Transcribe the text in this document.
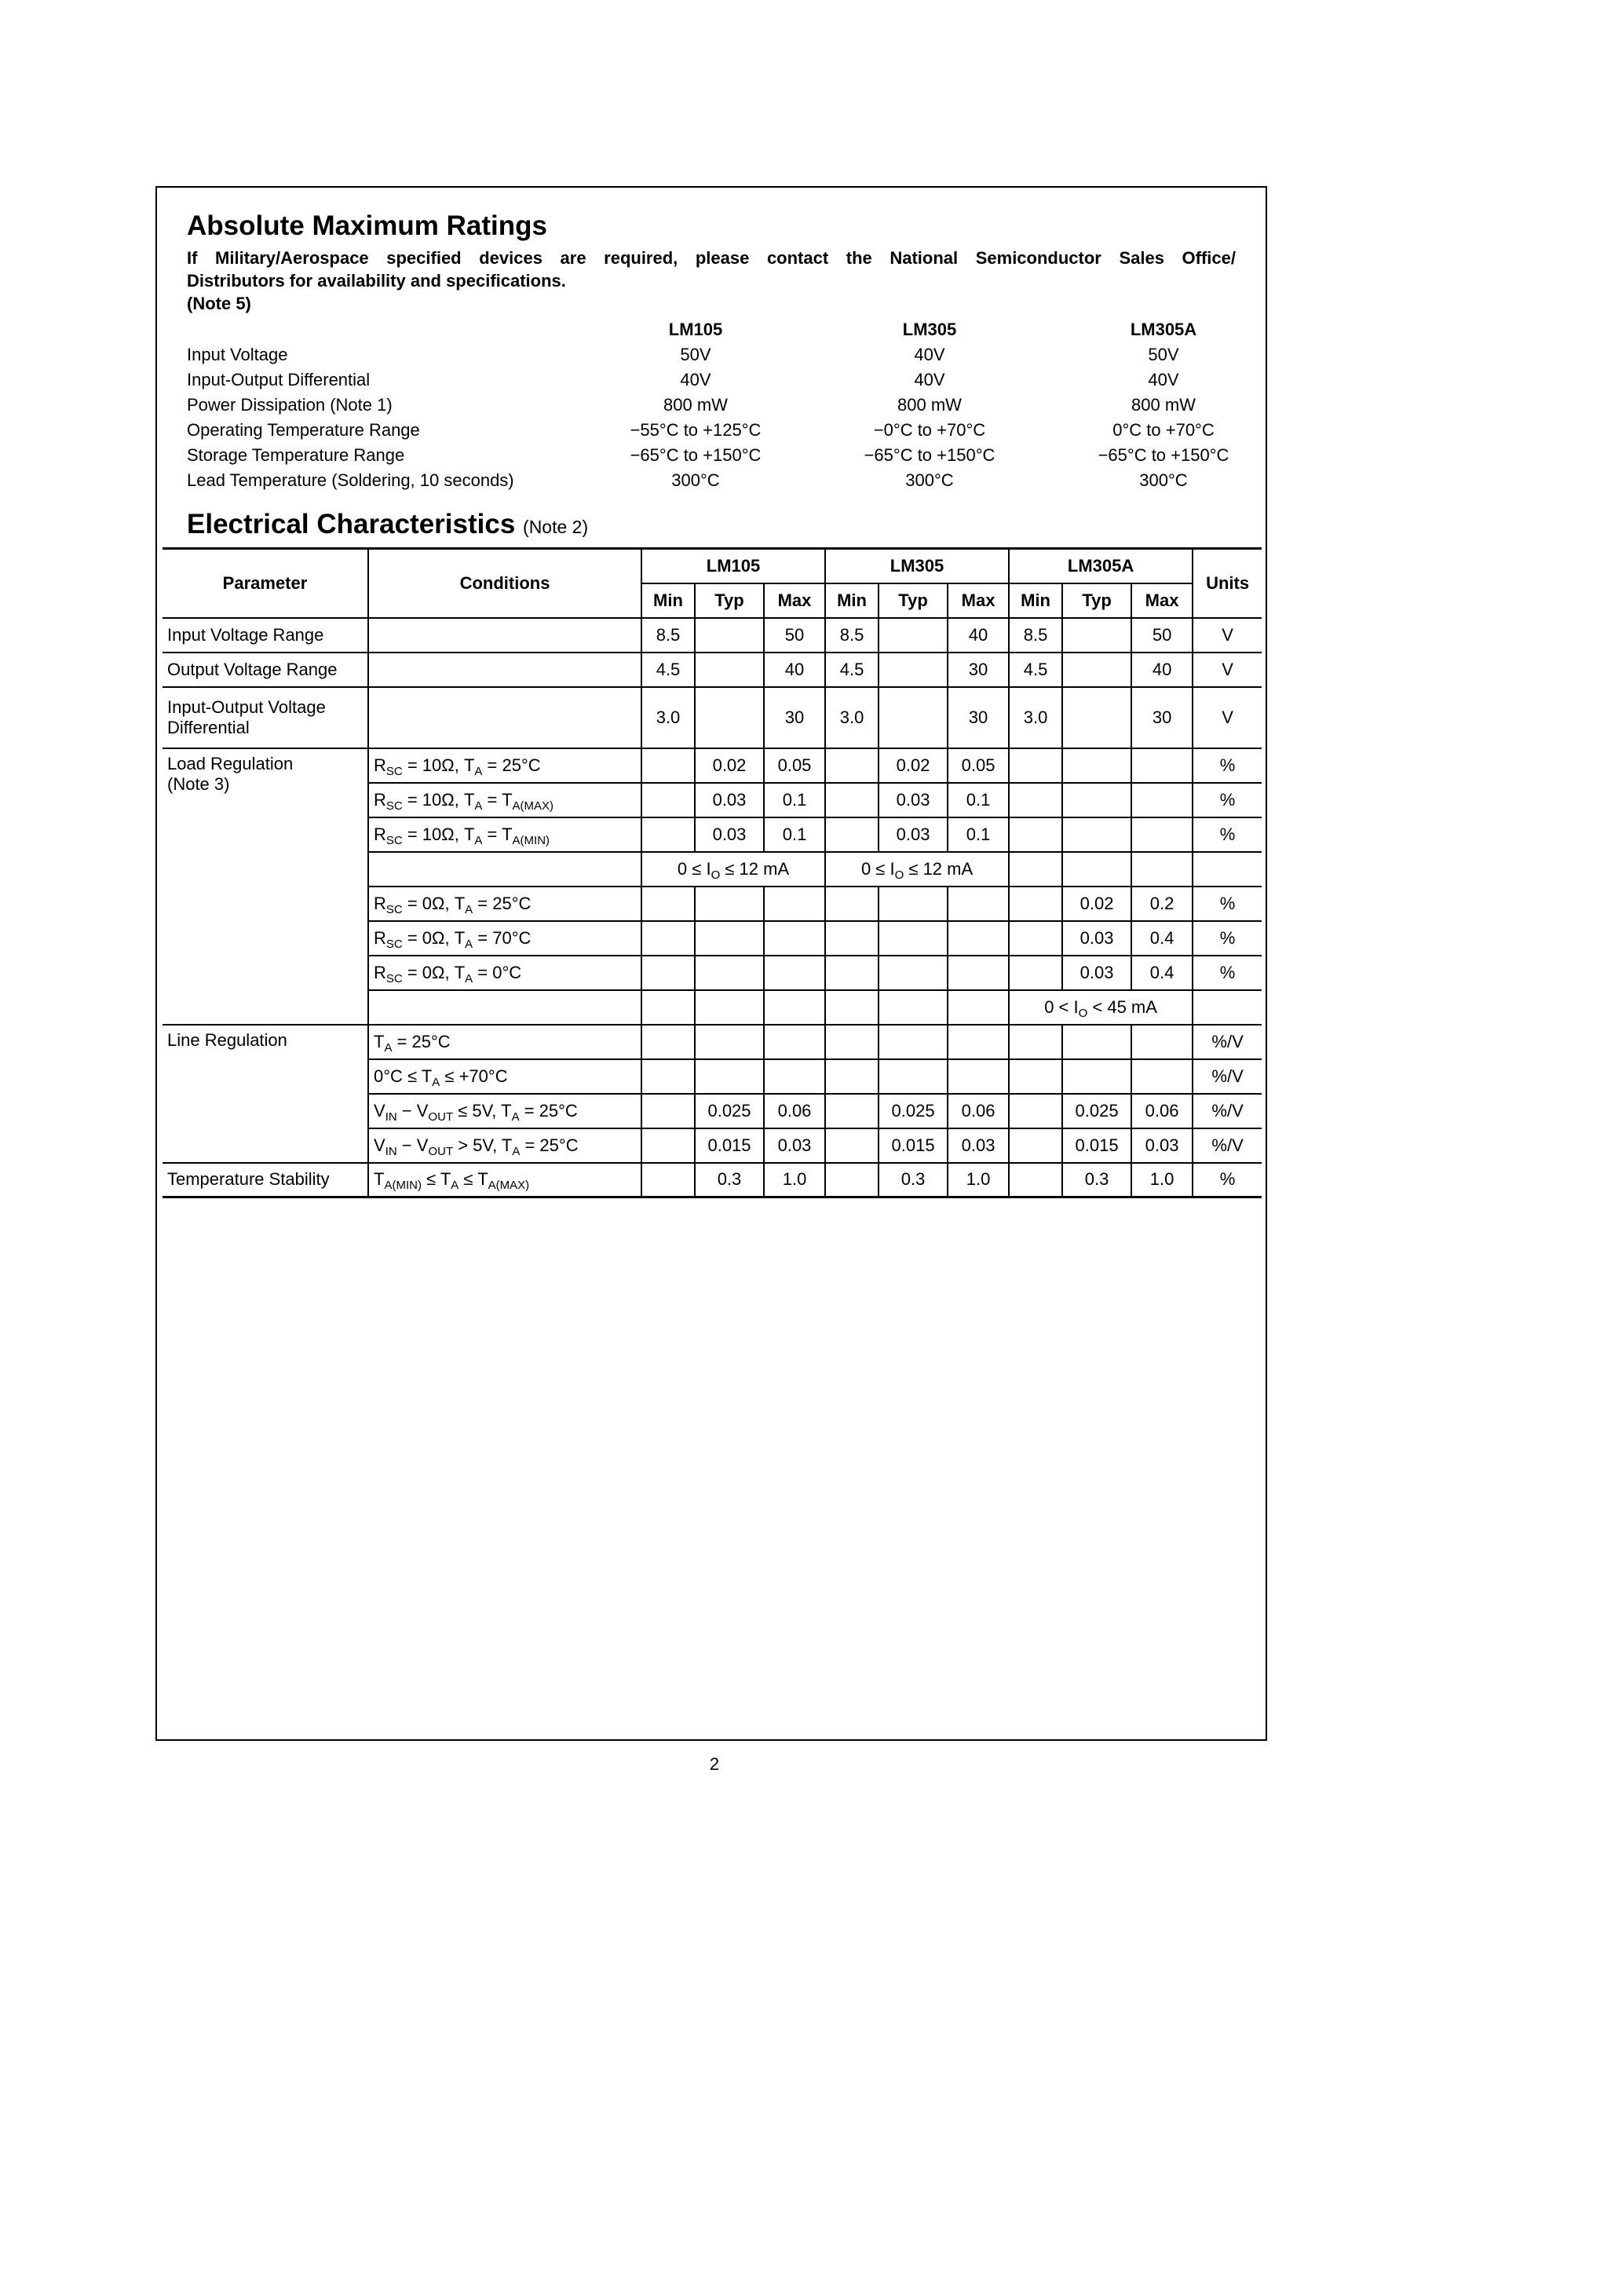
Absolute Maximum Ratings
If Military/Aerospace specified devices are required, please contact the National Semiconductor Sales Office/
Distributors for availability and specifications.
(Note 5)
LM105	LM305	LM305A
Input Voltage	50V	40V	50V
Input-Output Differential	40V	40V	40V
Power Dissipation (Note 1)	800 mW	800 mW	800 mW
Operating Temperature Range	−55°C to +125°C	−0°C to +70°C	0°C to +70°C
Storage Temperature Range	−65°C to +150°C	−65°C to +150°C	−65°C to +150°C
Lead Temperature (Soldering, 10 seconds)	300°C	300°C	300°C
Electrical Characteristics (Note 2)
Parameter	Conditions	LM105			LM305			LM305A			Units
		Min	Typ	Max	Min	Typ	Max	Min	Typ	Max	
Input Voltage Range		8.5		50	8.5		40	8.5		50	V
Output Voltage Range		4.5		40	4.5		30	4.5		40	V

Input-Output Voltage
Differential		3.0		30	3.0		30	3.0		30	V

Load Regulation
(Note 3)	$R_{SC} = 10\Omega$, $T_A = 25^\circ C$		0.02	0.05		0.02	0.05				%
	$R_{SC} = 10\Omega$, $T_A = T_{A(MAX)}$		0.03	0.1		0.03	0.1				%
	$R_{SC} = 10\Omega$, $T_A = T_{A(MIN)}$		0.03	0.1		0.03	0.1				%
		$0 \le I_O \le 12$ mA			$0 \le I_O \le 12$ mA						
	$R_{SC} = 0\Omega$, $T_A = 25^\circ C$								0.02	0.2	%
	$R_{SC} = 0\Omega$, $T_A = 70^\circ C$								0.03	0.4	%
	$R_{SC} = 0\Omega$, $T_A = 0^\circ C$								0.03	0.4	%
								$0 < I_O < 45$ mA			
Line Regulation	$T_A = 25^\circ C$										%/V
	$0^\circ C \le T_A \le +70^\circ C$										%/V
	$V_{IN} - V_{OUT} \le 5V$, $T_A = 25^\circ C$		0.025	0.06		0.025	0.06		0.025	0.06	%/V
	$V_{IN} - V_{OUT} > 5V$, $T_A = 25^\circ C$		0.015	0.03		0.015	0.03		0.015	0.03	%/V
Temperature Stability	$T_{A(MIN)} \le T_A \le T_{A(MAX)}$		0.3	1.0		0.3	1.0		0.3	1.0	%
2
